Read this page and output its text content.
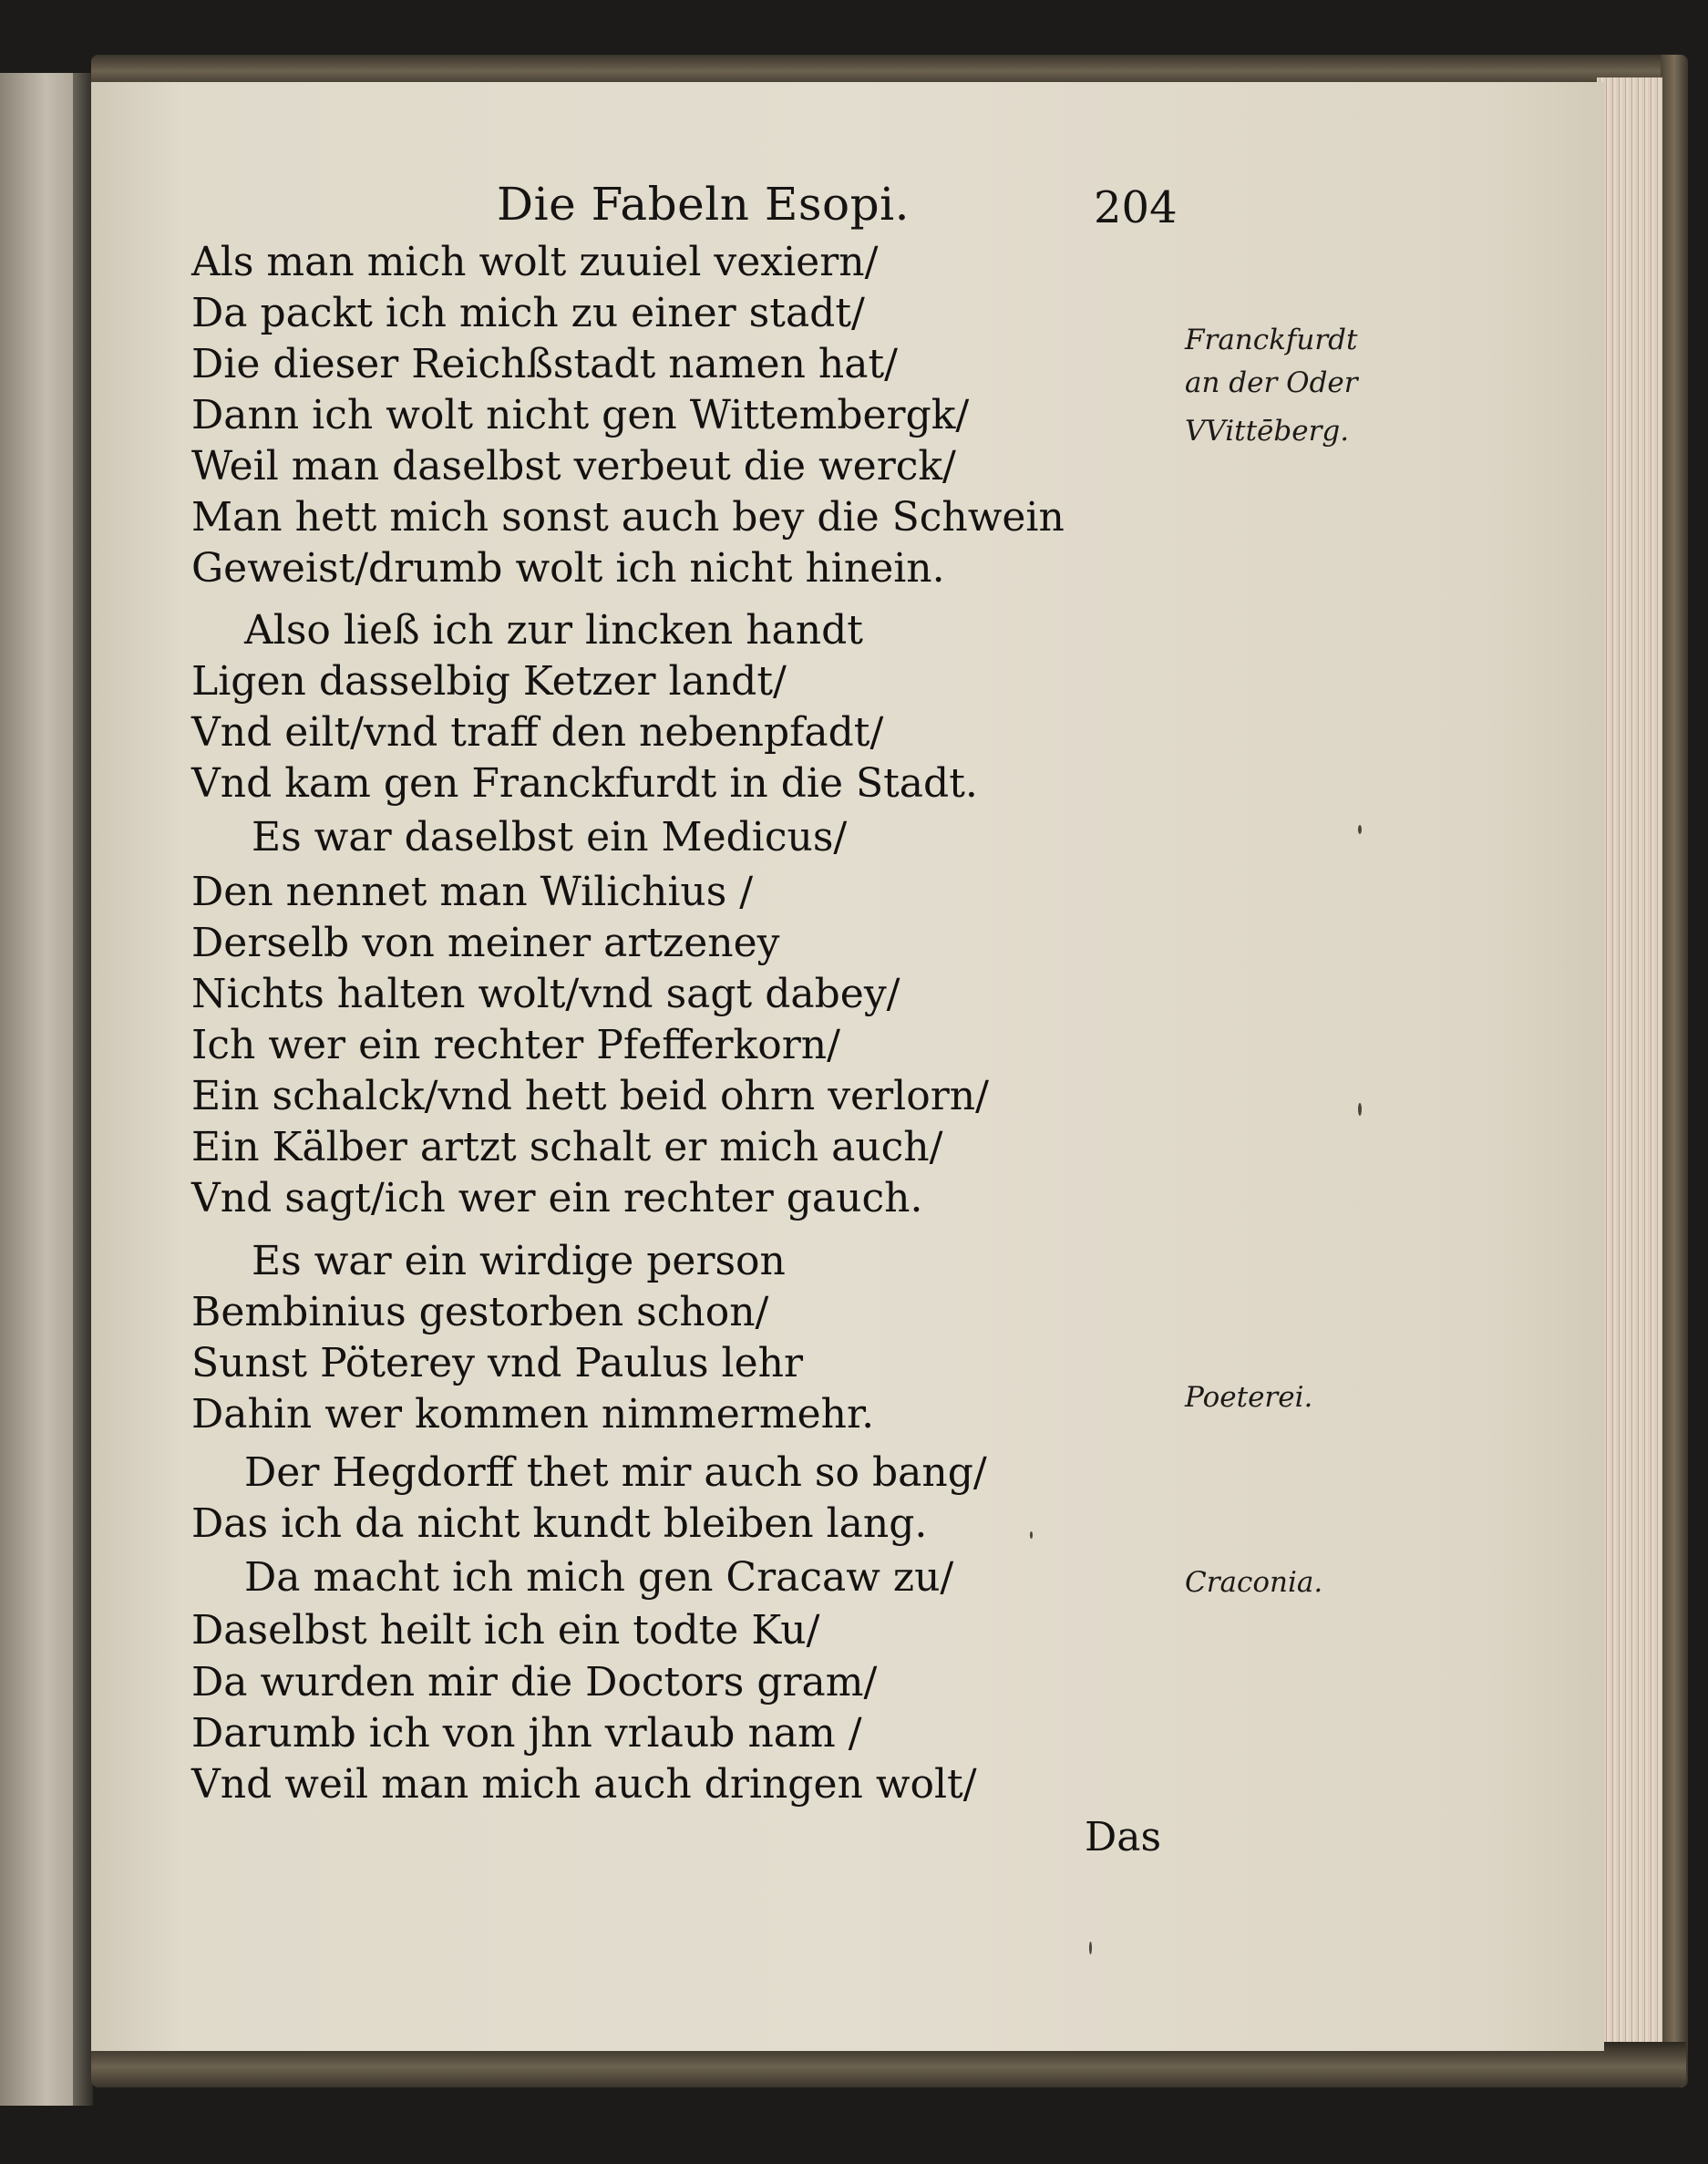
Die Fabeln Esopi.	204
Als man mich wolt zuuiel vexiern/
Da packt ich mich zu einer stadt/
Die dieser Reichßstadt namen hat/
Dann ich wolt nicht gen Wittembergk/
Weil man daselbst verbeut die werck/
Man hett mich sonst auch bey die Schwein
Geweist/drumb wolt ich nicht hinein.
Also ließ ich zur lincken handt
Ligen dasselbig Ketzer landt/
Vnd eilt/vnd traff den nebenpfadt/
Vnd kam gen Franckfurdt in die Stadt.
Es war daselbst ein Medicus/
Den nennet man Wilichius /
Derselb von meiner artzeney
Nichts halten wolt/vnd sagt dabey/
Ich wer ein rechter Pfefferkorn/
Ein schalck/vnd hett beid ohrn verlorn/
Ein Kälber artzt schalt er mich auch/
Vnd sagt/ich wer ein rechter gauch.
Es war ein wirdige person
Bembinius gestorben schon/
Sunst Pöterey vnd Paulus lehr
Dahin wer kommen nimmermehr.
Der Hegdorff thet mir auch so bang/
Das ich da nicht kundt bleiben lang.
Da macht ich mich gen Cracaw zu/
Daselbst heilt ich ein todte Ku/
Da wurden mir die Doctors gram/
Darumb ich von jhn vrlaub nam /
Vnd weil man mich auch dringen wolt/
Franckfurdt
an der Oder
VVittēberg.
Poeterei.
Craconia.
Das
